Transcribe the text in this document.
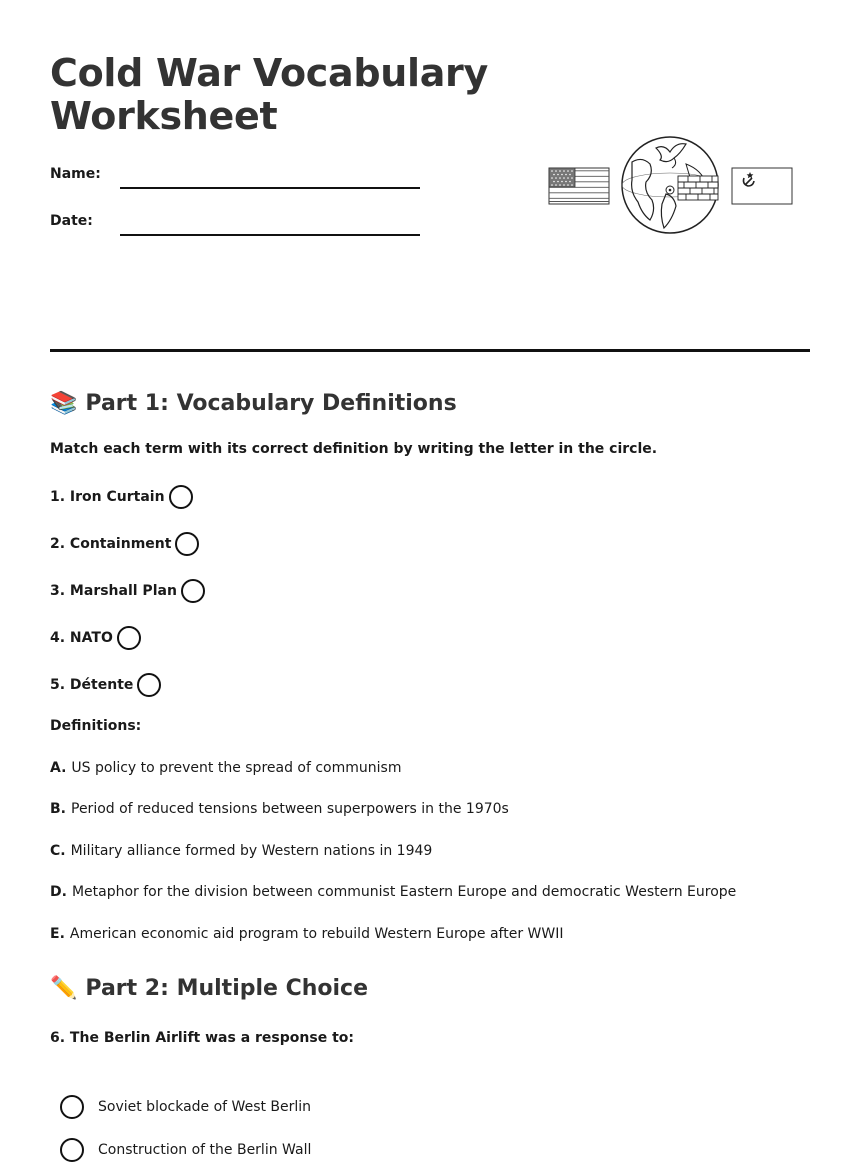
Cold War Vocabulary
Worksheet
Name:
Date:
📚 Part 1: Vocabulary Definitions
Match each term with its correct definition by writing the letter in the circle.
1. Iron Curtain
2. Containment
3. Marshall Plan
4. NATO
5. Détente
Definitions:
A. US policy to prevent the spread of communism
B. Period of reduced tensions between superpowers in the 1970s
C. Military alliance formed by Western nations in 1949
D. Metaphor for the division between communist Eastern Europe and democratic Western Europe
E. American economic aid program to rebuild Western Europe after WWII
✏️ Part 2: Multiple Choice
6. The Berlin Airlift was a response to:
Soviet blockade of West Berlin
Construction of the Berlin Wall
